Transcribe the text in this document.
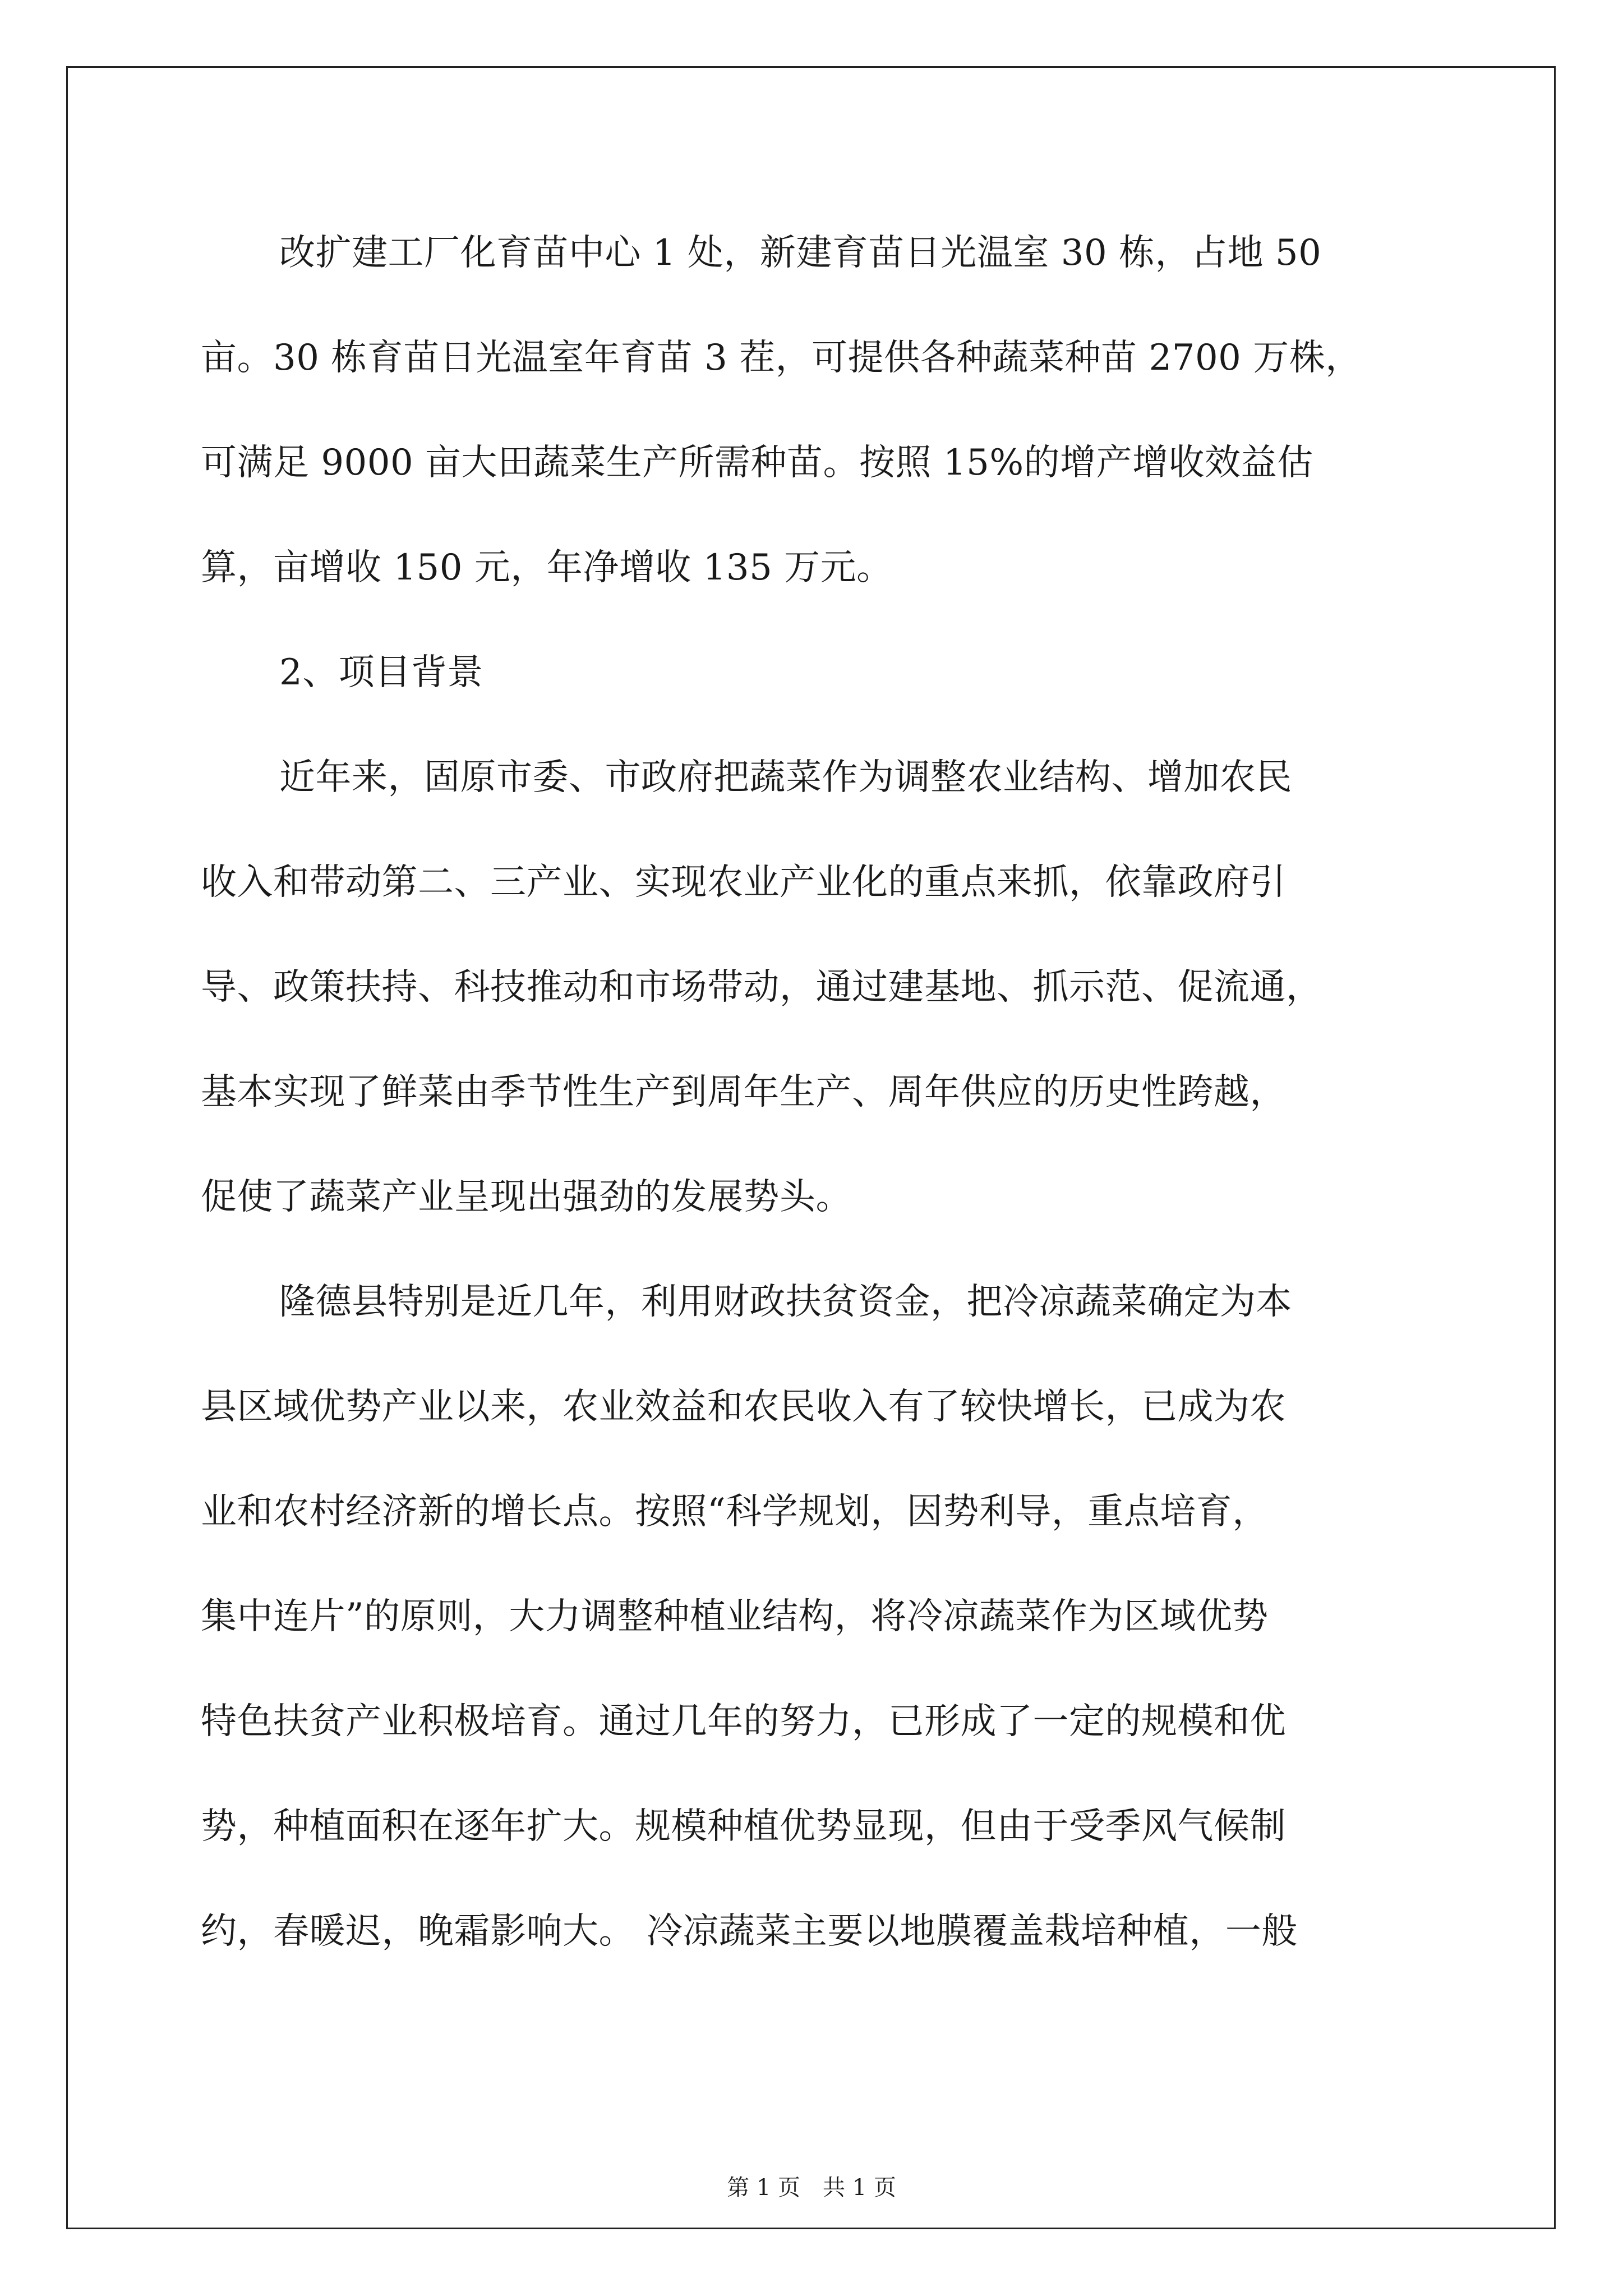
改扩建工厂化育苗中心 1 处，新建育苗日光温室 30 栋，占地 50
亩。30 栋育苗日光温室年育苗 3 茬，可提供各种蔬菜种苗 2700 万株，
可满足 9000 亩大田蔬菜生产所需种苗。按照 15%的增产增收效益估
算，亩增收 150 元，年净增收 135 万元。
2、项目背景
近年来，固原市委、市政府把蔬菜作为调整农业结构、增加农民
收入和带动第二、三产业、实现农业产业化的重点来抓，依靠政府引
导、政策扶持、科技推动和市场带动，通过建基地、抓示范、促流通，
基本实现了鲜菜由季节性生产到周年生产、周年供应的历史性跨越，
促使了蔬菜产业呈现出强劲的发展势头。
隆德县特别是近几年，利用财政扶贫资金，把冷凉蔬菜确定为本
县区域优势产业以来，农业效益和农民收入有了较快增长，已成为农
业和农村经济新的增长点。按照“科学规划，因势利导，重点培育，
集中连片”的原则，大力调整种植业结构，将冷凉蔬菜作为区域优势
特色扶贫产业积极培育。通过几年的努力，已形成了一定的规模和优
势，种植面积在逐年扩大。规模种植优势显现，但由于受季风气候制
约，春暖迟，晚霜影响大。 冷凉蔬菜主要以地膜覆盖栽培种植，一般
第 1 页　共 1 页
